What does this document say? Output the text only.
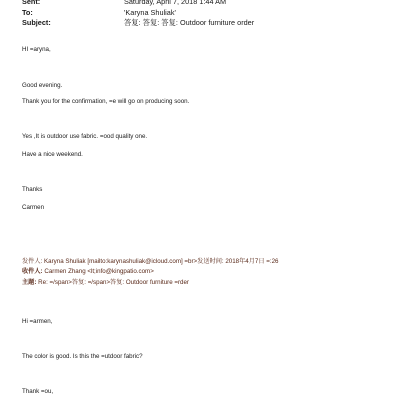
Sent:	Saturday, April 7, 2018 1:44 AM
To:	'Karyna Shuliak'
Subject:	答复: 答复: 答复: Outdoor furniture order
HI =aryna,
Good evening.
Thank you for the confirmation, =e will go on producing soon.
Yes ,It is outdoor use fabric. =ood quality one.
Have a nice weekend.
Thanks
Carmen
发件人: Karyna Shuliak [mailto:karynashuliak@icloud.com] =br>发送时间: 2018年4月7日 =:26
收件人: Carmen Zhang <lt;info@kingpatio.com>
主题: Re: =/span>答复: =/span>答复: Outdoor furniture =rder
Hi =armen,
The color is good. Is this the =utdoor fabric?
Thank =ou,
